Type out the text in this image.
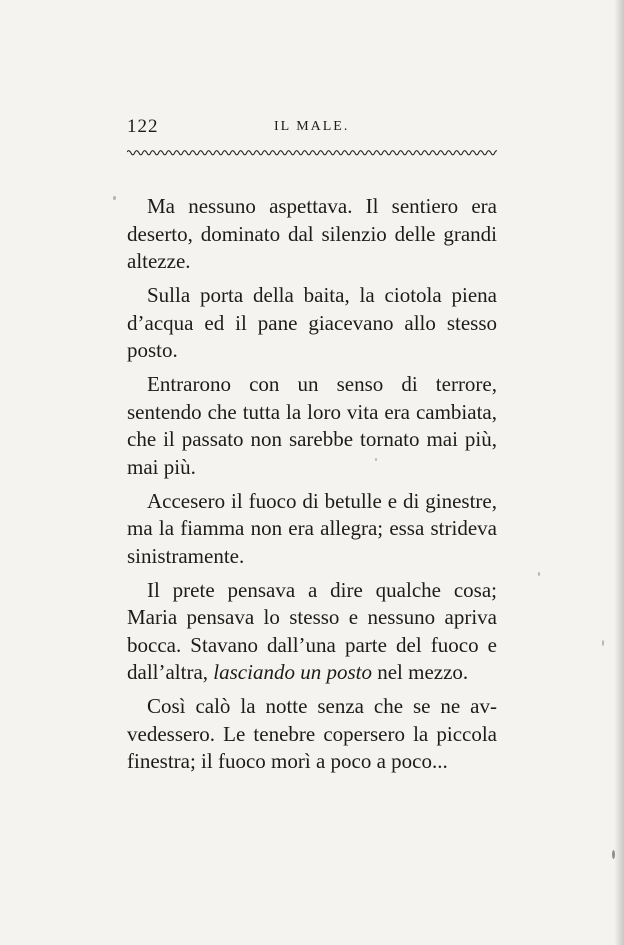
122	IL MALE.

Ma nessuno aspettava. Il sentiero era deserto, dominato dal silenzio delle grandi altezze.

Sulla porta della baita, la ciotola piena d’acqua ed il pane giacevano allo stesso posto.

Entrarono con un senso di terrore, sentendo che tutta la loro vita era cambiata, che il passato non sarebbe tornato mai più, mai più.

Accesero il fuoco di betulle e di ginestre, ma la fiamma non era allegra; essa strideva sinistramente.

Il prete pensava a dire qualche cosa; Maria pensava lo stesso e nessuno apriva bocca. Stavano dall’una parte del fuoco e dall’altra, lasciando un posto nel mezzo.

Così calò la notte senza che se ne avvedessero. Le tenebre copersero la piccola finestra; il fuoco morì a poco a poco...
